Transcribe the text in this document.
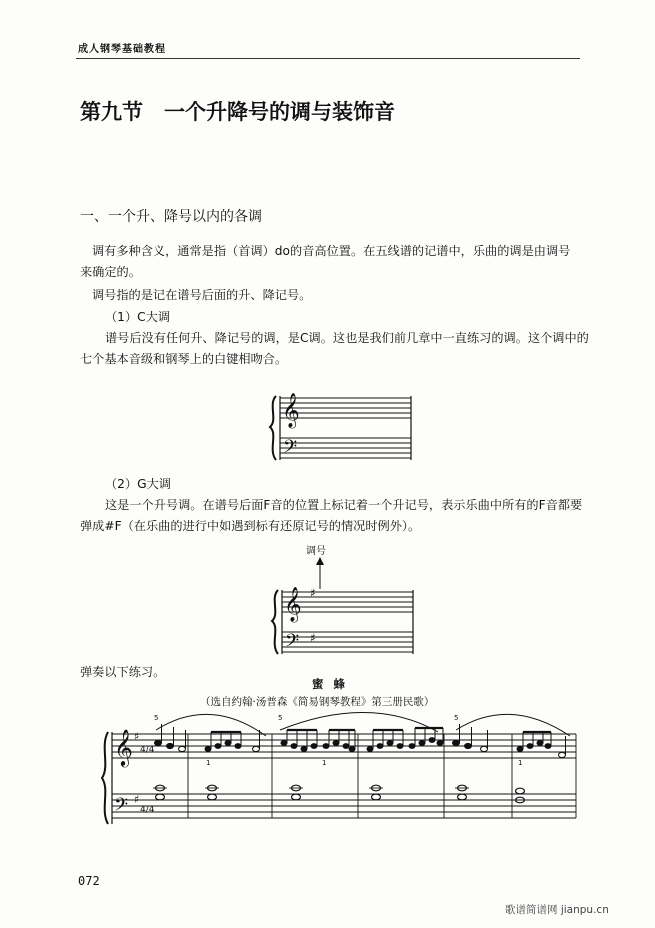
成人钢琴基础教程
第九节　一个升降号的调与装饰音
一、一个升、降号以内的各调
调有多种含义，通常是指（首调）do的音高位置。在五线谱的记谱中，乐曲的调是由调号
来确定的。
调号指的是记在谱号后面的升、降记号。
（1）C大调
谱号后没有任何升、降记号的调，是C调。这也是我们前几章中一直练习的调。这个调中的
七个基本音级和钢琴上的白键相吻合。
𝄞
𝄢
（2）G大调
这是一个升号调。在谱号后面F音的位置上标记着一个升记号，表示乐曲中所有的F音都要
弹成#F（在乐曲的进行中如遇到标有还原记号的情况时例外）。
调号
𝄞 ♯
𝄢 ♯
弹奏以下练习。
蜜蜂
（选自约翰·汤普森《简易钢琴教程》第三册民歌）
𝄞 ♯
4/4
𝄢 ♯
4/4
5
1
5
1
5
1
072
歌谱简谱网 jianpu.cn
